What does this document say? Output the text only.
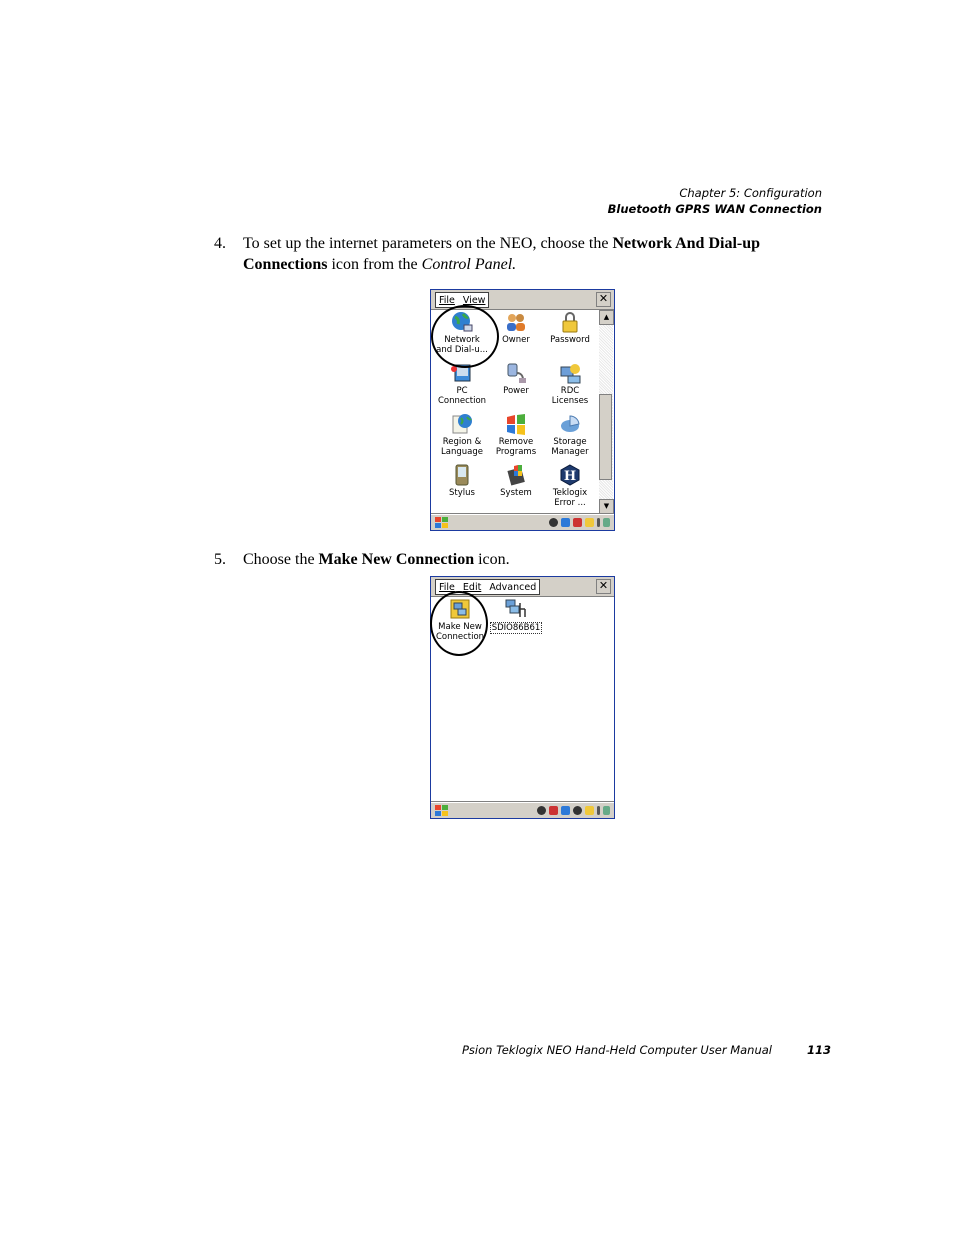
Chapter 5: Configuration
Bluetooth GPRS WAN Connection
4.	To set up the internet parameters on the NEO, choose the Network And Dial-up Connections icon from the Control Panel.
File View	✕
▲
▼
Network
and Dial-u...
Owner	Password
PC
Connection
Power	RDC
Licenses
Region &
Language
Remove
Programs
Storage
Manager
Stylus	System
H
Teklogix
Error ...
5.	Choose the Make New Connection icon.
File Edit Advanced	✕
Make New
Connection
SDIO86B61
Psion Teklogix NEO Hand-Held Computer User Manual	113
